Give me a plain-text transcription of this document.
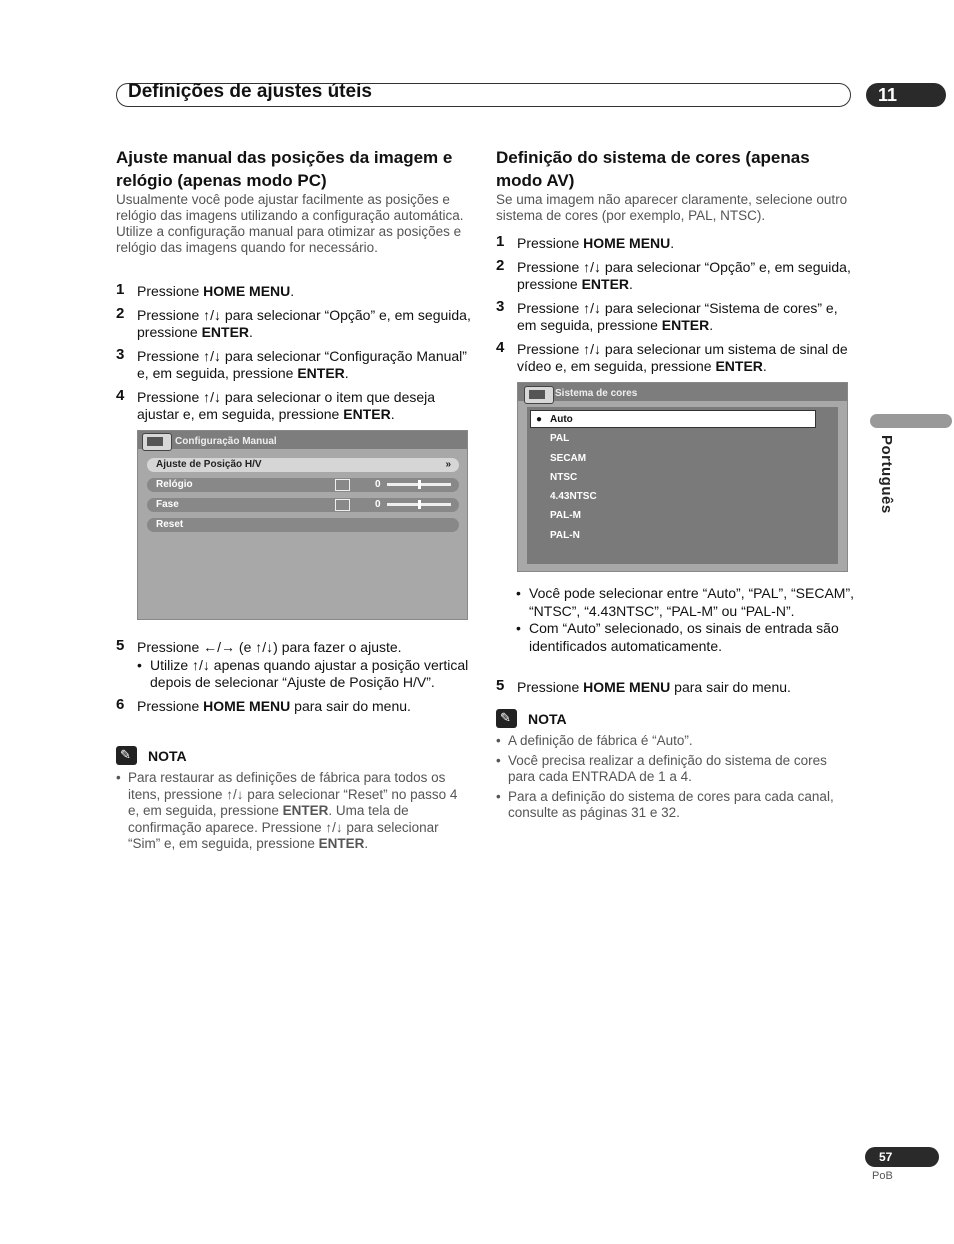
Definições de ajustes úteis	11
Português
Ajuste manual das posições da imagem e relógio (apenas modo PC)

Usualmente você pode ajustar facilmente as posições e relógio das imagens utilizando a configuração automática. Utilize a configuração manual para otimizar as posições e relógio das imagens quando for necessário.

1 Pressione HOME MENU.

2 Pressione ↑/↓ para selecionar “Opção” e, em seguida, pressione ENTER.

3 Pressione ↑/↓ para selecionar “Configuração Manual” e, em seguida, pressione ENTER.

4 Pressione ↑/↓ para selecionar o item que deseja ajustar e, em seguida, pressione ENTER.

Configuração Manual
Ajuste de Posição H/V	»
Relógio	0
Fase	0
Reset

5 Pressione ←/→ (e ↑/↓) para fazer o ajuste.

• Utilize ↑/↓ apenas quando ajustar a posição vertical depois de selecionar “Ajuste de Posição H/V”.

6 Pressione HOME MENU para sair do menu.

✎
NOTA

• Para restaurar as definições de fábrica para todos os itens, pressione ↑/↓ para selecionar “Reset” no passo 4 e, em seguida, pressione ENTER. Uma tela de confirmação aparece. Pressione ↑/↓ para selecionar “Sim” e, em seguida, pressione ENTER.

Definição do sistema de cores (apenas modo AV)

Se uma imagem não aparecer claramente, selecione outro sistema de cores (por exemplo, PAL, NTSC).

1 Pressione HOME MENU.

2 Pressione ↑/↓ para selecionar “Opção” e, em seguida, pressione ENTER.

3 Pressione ↑/↓ para selecionar “Sistema de cores” e, em seguida, pressione ENTER.

4 Pressione ↑/↓ para selecionar um sistema de sinal de vídeo e, em seguida, pressione ENTER.

Sistema de cores
● Auto
PAL
SECAM
NTSC
4.43NTSC
PAL-M
PAL-N

• Você pode selecionar entre “Auto”, “PAL”, “SECAM”, “NTSC”, “4.43NTSC”, “PAL-M” ou “PAL-N”.

• Com “Auto” selecionado, os sinais de entrada são identificados automaticamente.

5 Pressione HOME MENU para sair do menu.

✎
NOTA

• A definição de fábrica é “Auto”.

• Você precisa realizar a definição do sistema de cores para cada ENTRADA de 1 a 4.

• Para a definição do sistema de cores para cada canal, consulte as páginas 31 e 32.

57
PoB
